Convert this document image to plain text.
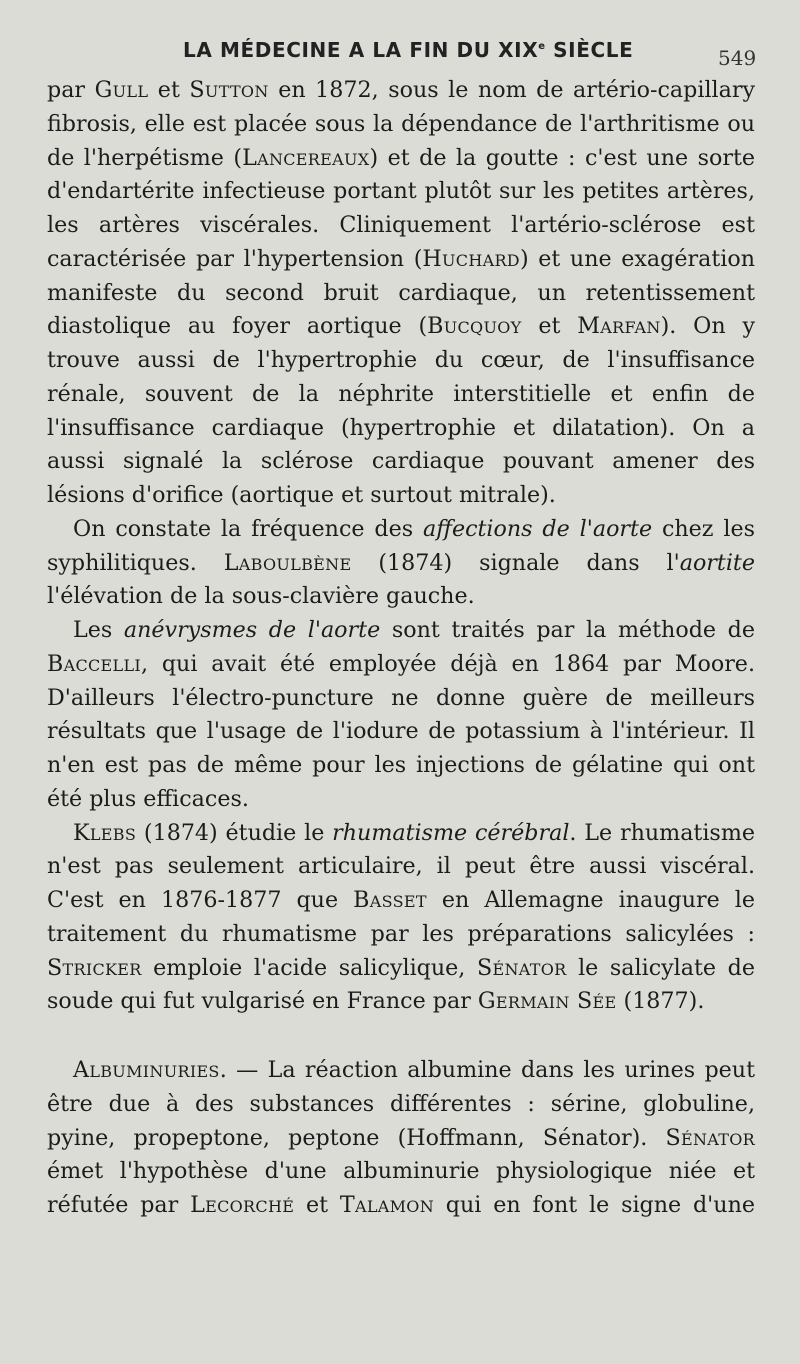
LA MÉDECINE A LA FIN DU XIXe SIÈCLE	549

par Gull et Sutton en 1872, sous le nom de artério-capillary fibrosis, elle est placée sous la dépendance de l'arthritisme ou de l'herpétisme (Lancereaux) et de la goutte : c'est une sorte d'endartérite infectieuse portant plutôt sur les petites artères, les artères viscérales. Cliniquement l'artério-sclérose est caractérisée par l'hypertension (Huchard) et une exagération manifeste du second bruit cardiaque, un retentissement diastolique au foyer aortique (Bucquoy et Marfan). On y trouve aussi de l'hypertrophie du cœur, de l'insuffisance rénale, souvent de la néphrite interstitielle et enfin de l'insuffisance cardiaque (hypertrophie et dilatation). On a aussi signalé la sclérose cardiaque pouvant amener des lésions d'orifice (aortique et surtout mitrale).

On constate la fréquence des affections de l'aorte chez les syphilitiques. Laboulbène (1874) signale dans l'aortite l'élévation de la sous-clavière gauche.

Les anévrysmes de l'aorte sont traités par la méthode de Baccelli, qui avait été employée déjà en 1864 par Moore. D'ailleurs l'électro-puncture ne donne guère de meilleurs résultats que l'usage de l'iodure de potassium à l'intérieur. Il n'en est pas de même pour les injections de gélatine qui ont été plus efficaces.

Klebs (1874) étudie le rhumatisme cérébral. Le rhumatisme n'est pas seulement articulaire, il peut être aussi viscéral. C'est en 1876-1877 que Basset en Allemagne inaugure le traitement du rhumatisme par les préparations salicylées : Stricker emploie l'acide salicylique, Sénator le salicylate de soude qui fut vulgarisé en France par Germain Sée (1877).

Albuminuries. — La réaction albumine dans les urines peut être due à des substances différentes : sérine, globuline, pyine, propeptone, peptone (Hoffmann, Sénator). Sénator émet l'hypothèse d'une albuminurie physiologique niée et réfutée par Lecorché et Talamon qui en font le signe d'une
